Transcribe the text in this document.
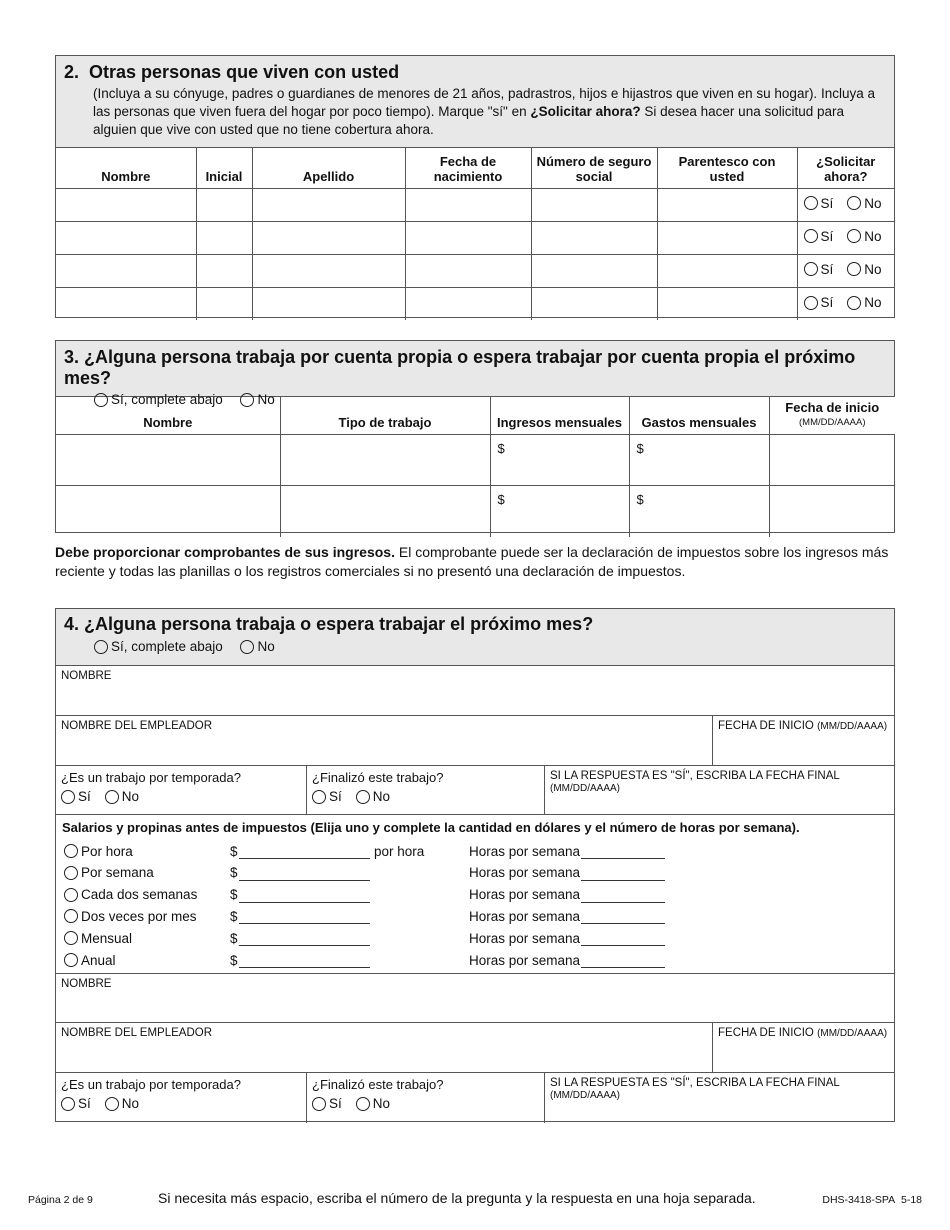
2. Otras personas que viven con usted
(Incluya a su cónyuge, padres o guardianes de menores de 21 años, padrastros, hijos e hijastros que viven en su hogar). Incluya a las personas que viven fuera del hogar por poco tiempo). Marque "sí" en ¿Solicitar ahora? Si desea hacer una solicitud para alguien que vive con usted que no tiene cobertura ahora.
Nombre	Inicial	Apellido	Fecha de nacimiento	Número de seguro social	Parentesco con usted	¿Solicitar ahora?

						Sí No

						Sí No

						Sí No

						Sí No
3. ¿Alguna persona trabaja por cuenta propia o espera trabajar por cuenta propia el próximo mes?
Sí, complete abajo
	No
Nombre	Tipo de trabajo	Ingresos mensuales	Gastos mensuales	Fecha de inicio
(MM/DD/AAAA)

		$	$	
		$	$	
Debe proporcionar comprobantes de sus ingresos. El comprobante puede ser la declaración de impuestos sobre los ingresos más reciente y todas las planillas o los registros comerciales si no presentó una declaración de impuestos.
4. ¿Alguna persona trabaja o espera trabajar el próximo mes?
Sí, complete abajo
	No
NOMBRE
NOMBRE DEL EMPLEADOR	FECHA DE INICIO (MM/DD/AAAA)
¿Es un trabajo por temporada?
Sí No
¿Finalizó este trabajo?
Sí No
SI LA RESPUESTA ES "SÍ", ESCRIBA LA FECHA FINAL (MM/DD/AAAA)
Salarios y propinas antes de impuestos (Elija uno y complete la cantidad en dólares y el número de horas por semana).
Por hora	$	por hora	Horas por semana
Por semana	$	Horas por semana
Cada dos semanas $	Horas por semana
Dos veces por mes $	Horas por semana
Mensual	$	Horas por semana
Anual	$	Horas por semana
NOMBRE
NOMBRE DEL EMPLEADOR	FECHA DE INICIO (MM/DD/AAAA)
¿Es un trabajo por temporada?
Sí No
¿Finalizó este trabajo?
Sí No
SI LA RESPUESTA ES "SÍ", ESCRIBA LA FECHA FINAL (MM/DD/AAAA)
Página 2 de 9	Si necesita más espacio, escriba el número de la pregunta y la respuesta en una hoja separada.	DHS-3418-SPA 5-18
